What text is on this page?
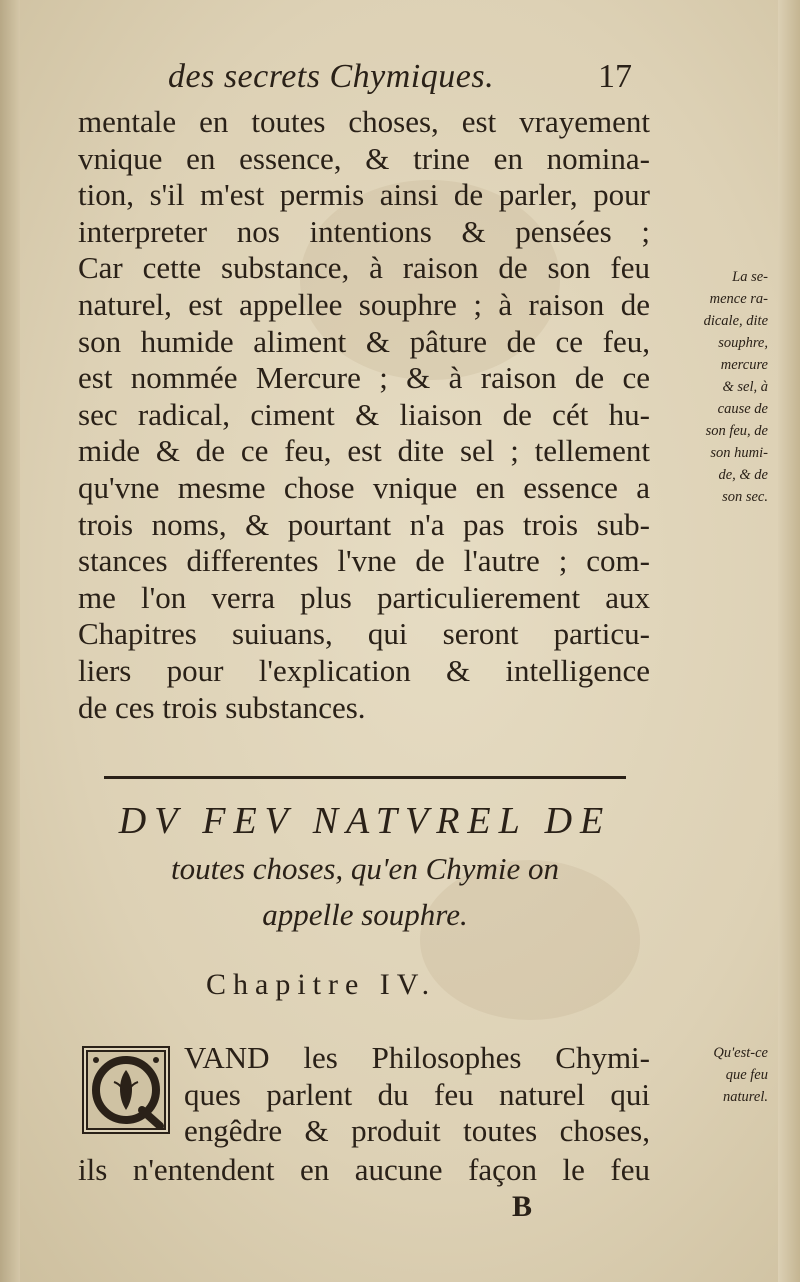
des secrets Chymiques.	17
mentale en toutes choses, est vrayement
vnique en essence, & trine en nomina-
tion, s'il m'est permis ainsi de parler, pour
interpreter nos intentions & pensées ;
Car cette substance, à raison de son feu
naturel, est appellee souphre ; à raison de
son humide aliment & pâture de ce feu,
est nommée Mercure ; & à raison de ce
sec radical, ciment & liaison de cét hu-
mide & de ce feu, est dite sel ; tellement
qu'vne mesme chose vnique en essence a
trois noms, & pourtant n'a pas trois sub-
stances differentes l'vne de l'autre ; com-
me l'on verra plus particulierement aux
Chapitres suiuans, qui seront particu-
liers pour l'explication & intelligence
de ces trois substances.
La se-
mence ra-
dicale, dite
souphre,
mercure
& sel, à
cause de
son feu, de
son humi-
de, & de
son sec.
DV FEV NATVREL DE
toutes choses, qu'en Chymie on
appelle souphre.
Chapitre IV.
VAND les Philosophes Chymi-
ques parlent du feu naturel qui
engêdre & produit toutes choses,
ils n'entendent en aucune façon le feu
Qu'est-ce
que feu
naturel.
B
